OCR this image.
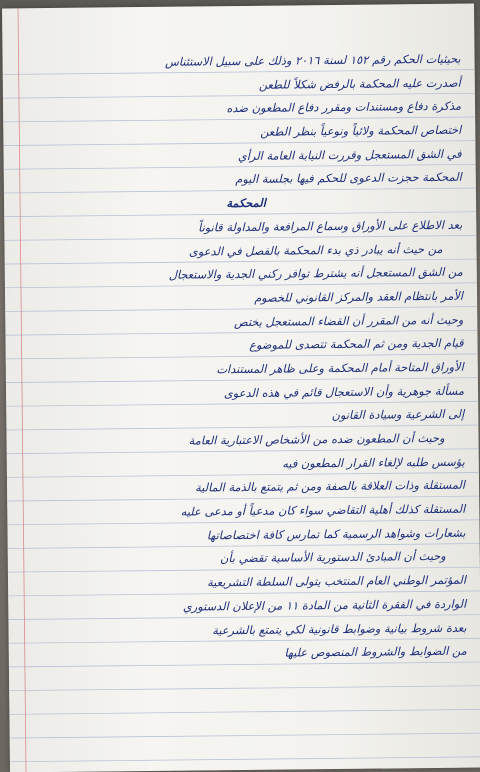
بحيثيات الحكم رقم ١٥٢ لسنة ٢٠١٦ وذلك على سبيل الاستئناس
أصدرت عليه المحكمة بالرفض شكلاً للطعن
مذكرة دفاع ومستندات ومقرر دفاع المطعون ضده
اختصاص المحكمة ولائياً ونوعياً بنظر الطعن
في الشق المستعجل وقررت النيابة العامة الرأي
المحكمة حجزت الدعوى للحكم فيها بجلسة اليوم
المحكمة
بعد الاطلاع على الأوراق وسماع المرافعة والمداولة قانوناً
من حيث أنه يبادر ذي بدء المحكمة بالفصل في الدعوى
من الشق المستعجل أنه يشترط توافر ركني الجدية والاستعجال
الأمر بانتظام العقد والمركز القانوني للخصوم
وحيث أنه من المقرر أن القضاء المستعجل يختص
قيام الجدية ومن ثم المحكمة تتصدى للموضوع
الأوراق المتاحة أمام المحكمة وعلى ظاهر المستندات
مسألة جوهرية وأن الاستعجال قائم في هذه الدعوى
إلى الشرعية وسيادة القانون
وحيث أن المطعون ضده من الأشخاص الاعتبارية العامة
يؤسس طلبه لإلغاء القرار المطعون فيه
المستقلة وذات العلاقة بالصفة ومن ثم يتمتع بالذمة المالية
المستقلة كذلك أهلية التقاضي سواء كان مدعياً أو مدعى عليه
بشعارات وشواهد الرسمية كما تمارس كافة اختصاصاتها
وحيث أن المبادئ الدستورية الأساسية تقضي بأن
المؤتمر الوطني العام المنتخب يتولى السلطة التشريعية
الواردة في الفقرة الثانية من المادة ١١ من الإعلان الدستوري
بعدة شروط بيانية وضوابط قانونية لكي يتمتع بالشرعية
من الضوابط والشروط المنصوص عليها
